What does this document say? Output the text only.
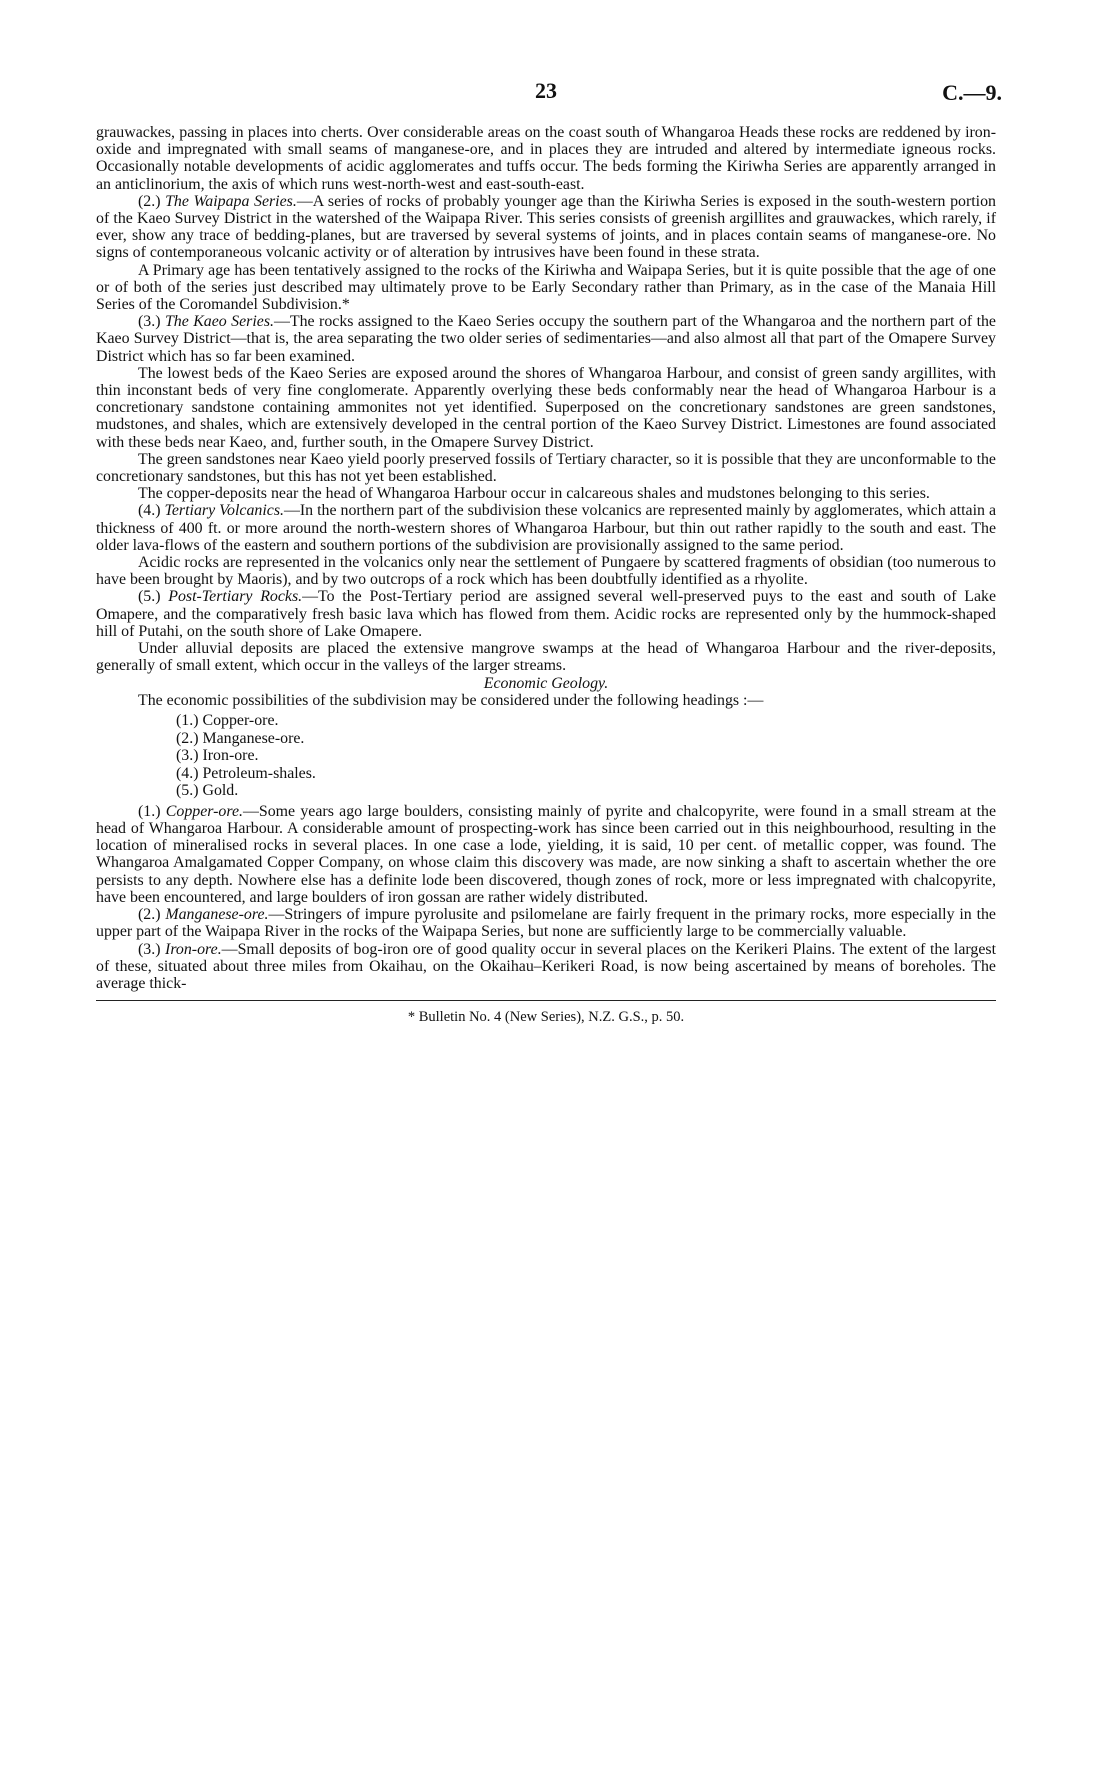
23	C.—9.

grauwackes, passing in places into cherts. Over considerable areas on the coast south of Whangaroa Heads these rocks are reddened by iron-oxide and impregnated with small seams of manganese-ore, and in places they are intruded and altered by intermediate igneous rocks. Occasionally notable developments of acidic agglomerates and tuffs occur. The beds forming the Kiriwha Series are apparently arranged in an anticlinorium, the axis of which runs west-north-west and east-south-east.

(2.) The Waipapa Series.—A series of rocks of probably younger age than the Kiriwha Series is exposed in the south-western portion of the Kaeo Survey District in the watershed of the Waipapa River. This series consists of greenish argillites and grauwackes, which rarely, if ever, show any trace of bedding-planes, but are traversed by several systems of joints, and in places contain seams of manganese-ore. No signs of contemporaneous volcanic activity or of alteration by intrusives have been found in these strata.

A Primary age has been tentatively assigned to the rocks of the Kiriwha and Waipapa Series, but it is quite possible that the age of one or of both of the series just described may ultimately prove to be Early Secondary rather than Primary, as in the case of the Manaia Hill Series of the Coromandel Subdivision.*

(3.) The Kaeo Series.—The rocks assigned to the Kaeo Series occupy the southern part of the Whangaroa and the northern part of the Kaeo Survey District—that is, the area separating the two older series of sedimentaries—and also almost all that part of the Omapere Survey District which has so far been examined.

The lowest beds of the Kaeo Series are exposed around the shores of Whangaroa Harbour, and consist of green sandy argillites, with thin inconstant beds of very fine conglomerate. Apparently overlying these beds conformably near the head of Whangaroa Harbour is a concretionary sandstone containing ammonites not yet identified. Superposed on the concretionary sandstones are green sandstones, mudstones, and shales, which are extensively developed in the central portion of the Kaeo Survey District. Limestones are found associated with these beds near Kaeo, and, further south, in the Omapere Survey District.

The green sandstones near Kaeo yield poorly preserved fossils of Tertiary character, so it is possible that they are unconformable to the concretionary sandstones, but this has not yet been established.

The copper-deposits near the head of Whangaroa Harbour occur in calcareous shales and mudstones belonging to this series.

(4.) Tertiary Volcanics.—In the northern part of the subdivision these volcanics are represented mainly by agglomerates, which attain a thickness of 400 ft. or more around the north-western shores of Whangaroa Harbour, but thin out rather rapidly to the south and east. The older lava-flows of the eastern and southern portions of the subdivision are provisionally assigned to the same period.

Acidic rocks are represented in the volcanics only near the settlement of Pungaere by scattered fragments of obsidian (too numerous to have been brought by Maoris), and by two outcrops of a rock which has been doubtfully identified as a rhyolite.

(5.) Post-Tertiary Rocks.—To the Post-Tertiary period are assigned several well-preserved puys to the east and south of Lake Omapere, and the comparatively fresh basic lava which has flowed from them. Acidic rocks are represented only by the hummock-shaped hill of Putahi, on the south shore of Lake Omapere.

Under alluvial deposits are placed the extensive mangrove swamps at the head of Whangaroa Harbour and the river-deposits, generally of small extent, which occur in the valleys of the larger streams.

Economic Geology.

The economic possibilities of the subdivision may be considered under the following headings :—

(1.) Copper-ore.
(2.) Manganese-ore.
(3.) Iron-ore.
(4.) Petroleum-shales.
(5.) Gold.

(1.) Copper-ore.—Some years ago large boulders, consisting mainly of pyrite and chalcopyrite, were found in a small stream at the head of Whangaroa Harbour. A considerable amount of prospecting-work has since been carried out in this neighbourhood, resulting in the location of mineralised rocks in several places. In one case a lode, yielding, it is said, 10 per cent. of metallic copper, was found. The Whangaroa Amalgamated Copper Company, on whose claim this discovery was made, are now sinking a shaft to ascertain whether the ore persists to any depth. Nowhere else has a definite lode been discovered, though zones of rock, more or less impregnated with chalcopyrite, have been encountered, and large boulders of iron gossan are rather widely distributed.

(2.) Manganese-ore.—Stringers of impure pyrolusite and psilomelane are fairly frequent in the primary rocks, more especially in the upper part of the Waipapa River in the rocks of the Waipapa Series, but none are sufficiently large to be commercially valuable.

(3.) Iron-ore.—Small deposits of bog-iron ore of good quality occur in several places on the Kerikeri Plains. The extent of the largest of these, situated about three miles from Okaihau, on the Okaihau–Kerikeri Road, is now being ascertained by means of boreholes. The average thick-

* Bulletin No. 4 (New Series), N.Z. G.S., p. 50.
